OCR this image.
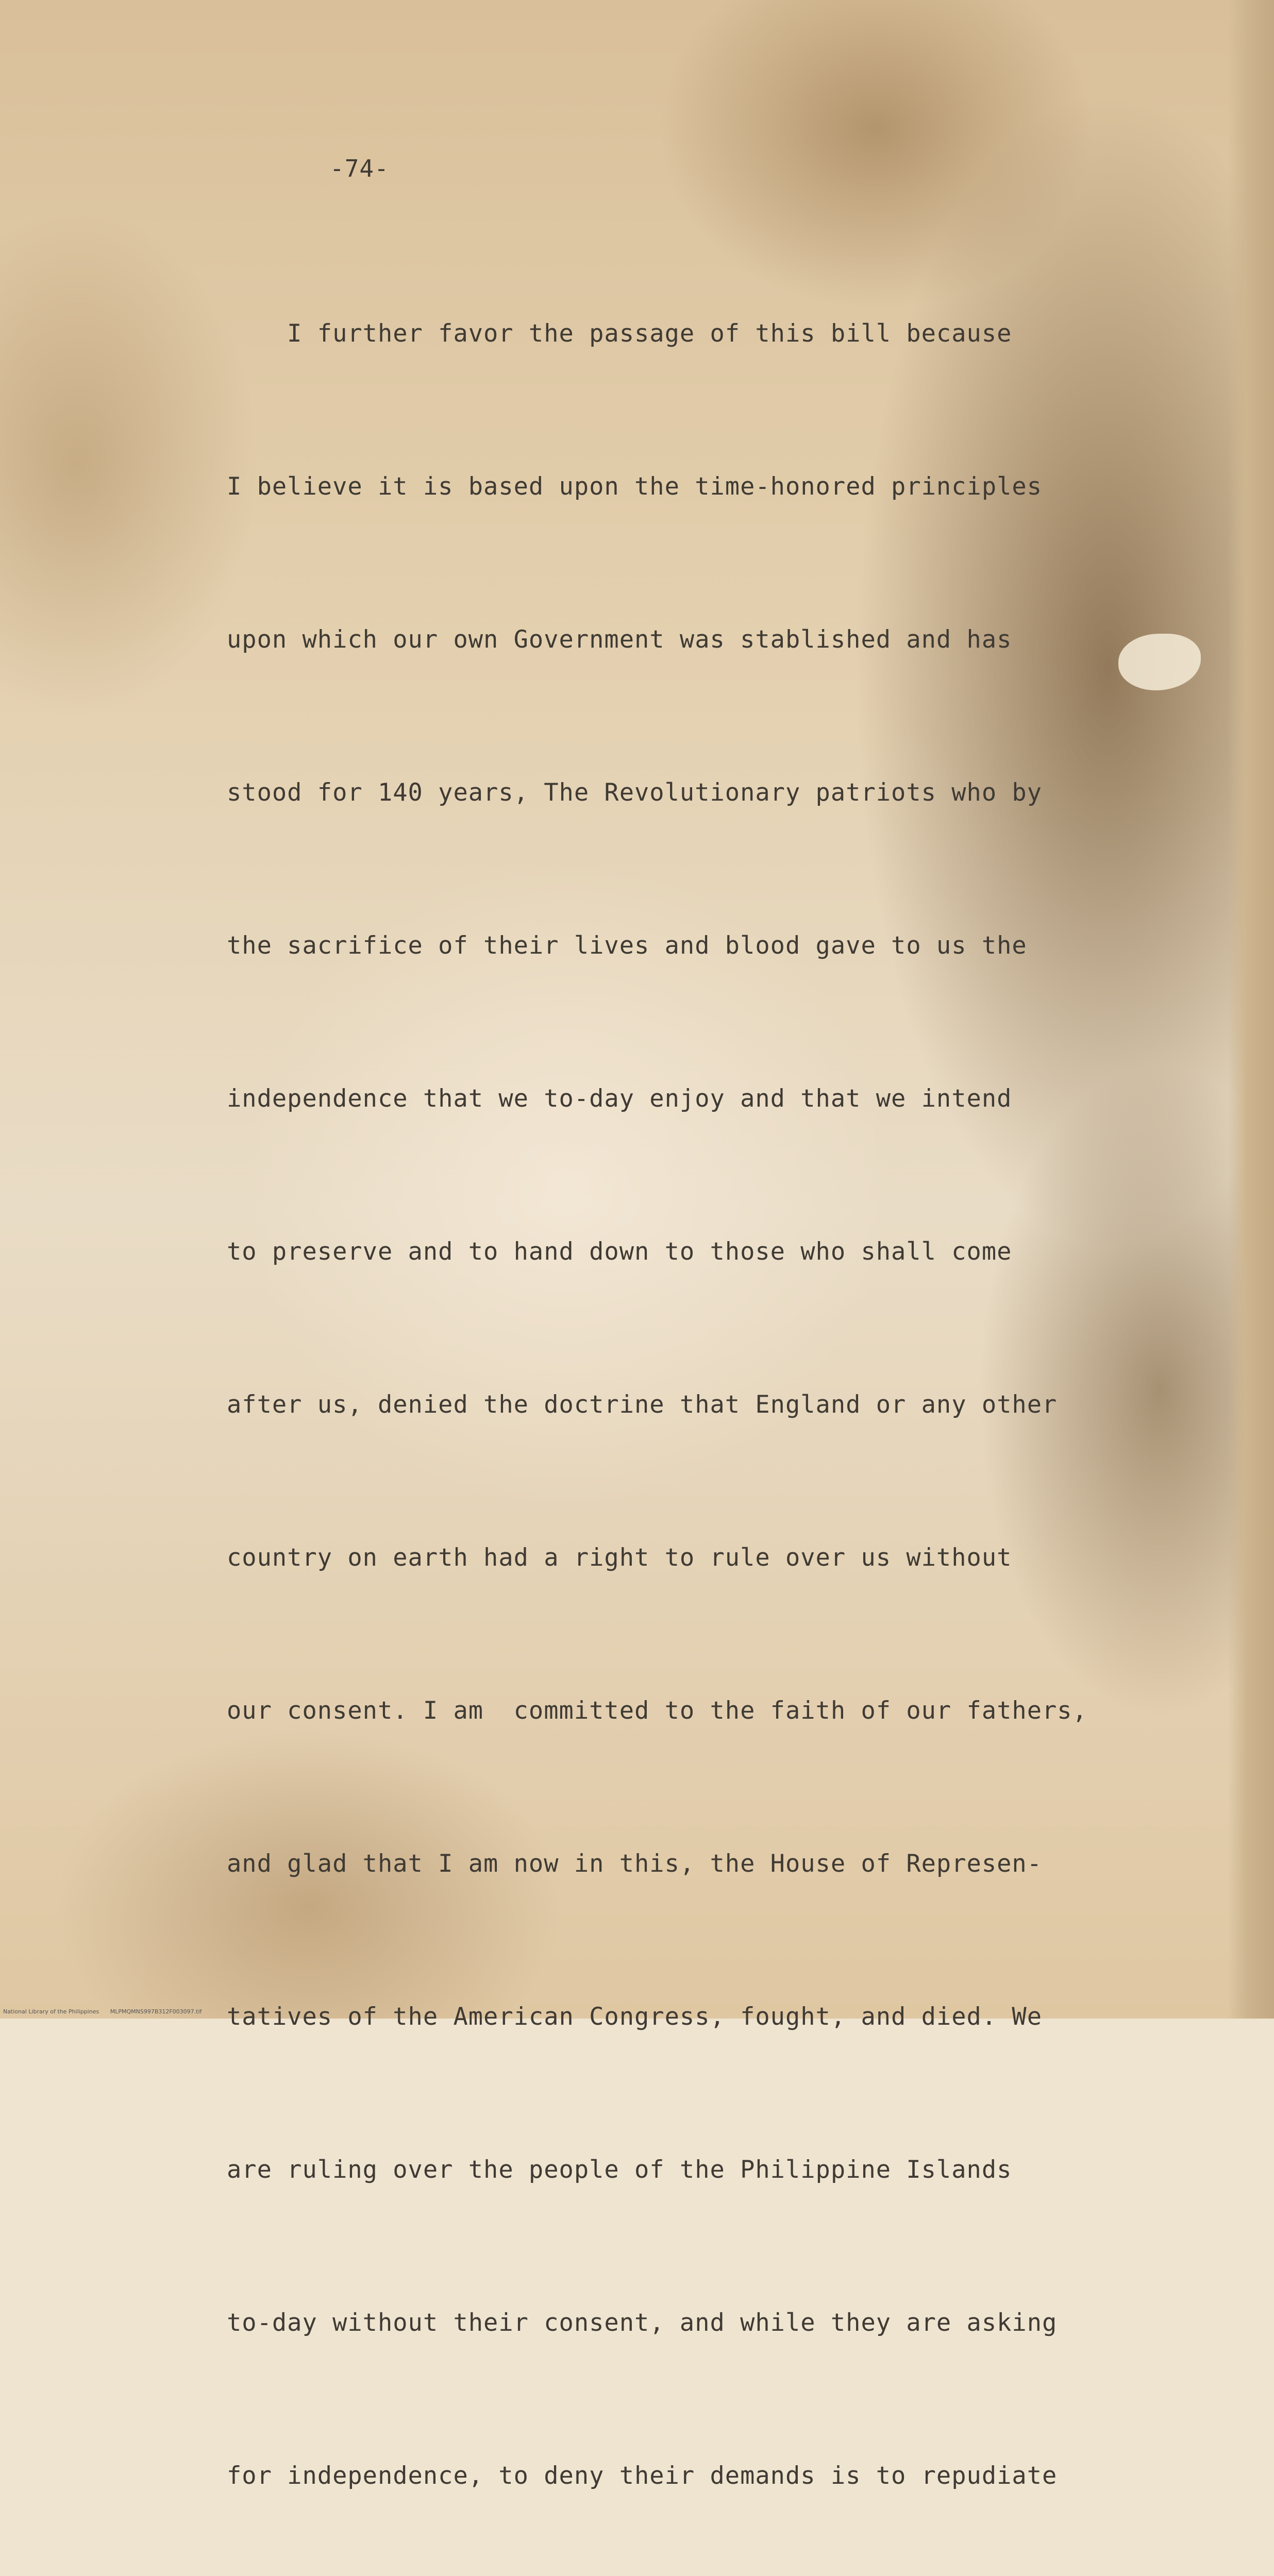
-74-

I further favor the passage of this bill because

I believe it is based upon the time-honored principles

upon which our own Government was stablished and has

stood for 140 years, The Revolutionary patriots who by

the sacrifice of their lives and blood gave to us the

independence that we to-day enjoy and that we intend

to preserve and to hand down to those who shall come

after us, denied the doctrine that England or any other

country on earth had a right to rule over us without

our consent. I am  committed to the faith of our fathers,

and glad that I am now in this, the House of Represen-

tatives of the American Congress, fought, and died. We

are ruling over the people of the Philippine Islands

to-day without their consent, and while they are asking

for independence, to deny their demands is to repudiate

National Library of the Philippines MLPMQMNS997B312F003097.tif
